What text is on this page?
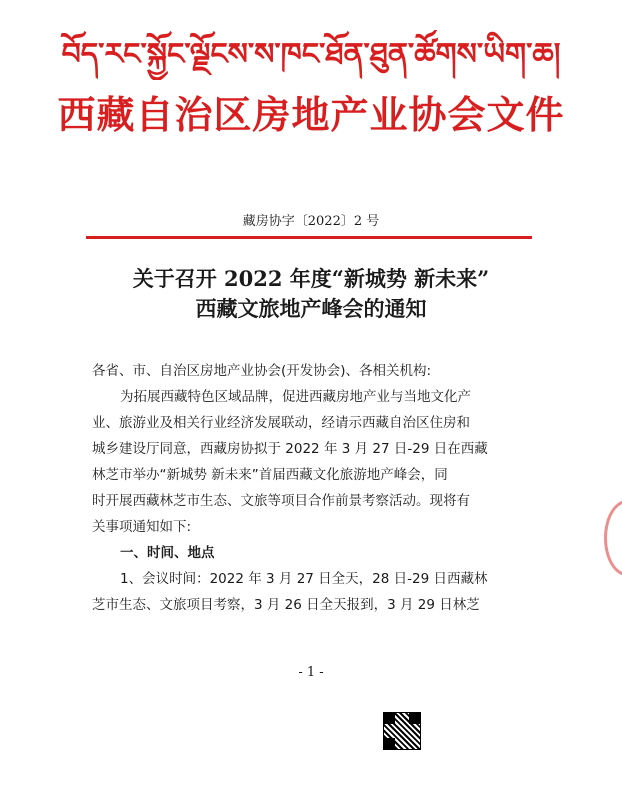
བོད་རང་སྐྱོང་ལྗོངས་ས་ཁང་ཐོན་ཐུན་ཚོགས་ཡིག་ཆ།
西藏自治区房地产业协会文件
藏房协字〔2022〕2 号
关于召开 2022 年度“新城势 新未来”
西藏文旅地产峰会的通知

各省、市、自治区房地产业协会(开发协会)、各相关机构:

为拓展西藏特色区域品牌，促进西藏房地产业与当地文化产

业、旅游业及相关行业经济发展联动，经请示西藏自治区住房和

城乡建设厅同意，西藏房协拟于 2022 年 3 月 27 日-29 日在西藏

林芝市举办“新城势 新未来”首届西藏文化旅游地产峰会，同

时开展西藏林芝市生态、文旅等项目合作前景考察活动。现将有

关事项通知如下:

一、时间、地点

1、会议时间：2022 年 3 月 27 日全天，28 日-29 日西藏林

芝市生态、文旅项目考察，3 月 26 日全天报到，3 月 29 日林芝

- 1 -
